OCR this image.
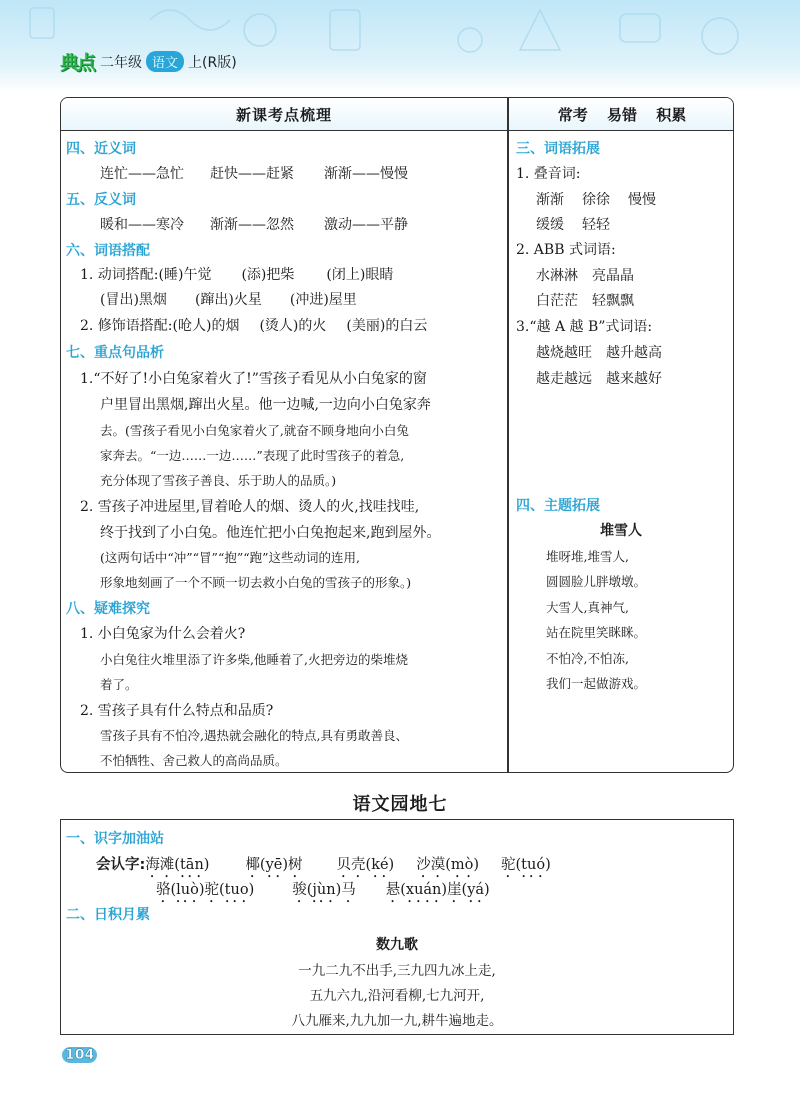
典点 二年级 语文 上(R版)
新课考点梳理	常考 易错 积累
四、近义词
连忙——急忙 赶快——赶紧 渐渐——慢慢
五、反义词
暖和——寒冷 渐渐——忽然 激动——平静
六、词语搭配
1. 动词搭配:(睡)午觉 (添)把柴 (闭上)眼睛
(冒出)黑烟 (蹿出)火星 (冲进)屋里
2. 修饰语搭配:(呛人)的烟 (烫人)的火 (美丽)的白云
七、重点句品析
1.“不好了!小白兔家着火了!”雪孩子看见从小白兔家的窗
户里冒出黑烟,蹿出火星。他一边喊,一边向小白兔家奔
去。(雪孩子看见小白兔家着火了,就奋不顾身地向小白兔
家奔去。“一边……一边……”表现了此时雪孩子的着急,
充分体现了雪孩子善良、乐于助人的品质。)
2. 雪孩子冲进屋里,冒着呛人的烟、烫人的火,找哇找哇,
终于找到了小白兔。他连忙把小白兔抱起来,跑到屋外。
(这两句话中“冲”“冒”“抱”“跑”这些动词的连用,
形象地刻画了一个不顾一切去救小白兔的雪孩子的形象。)
八、疑难探究
1. 小白兔家为什么会着火?
小白兔往火堆里添了许多柴,他睡着了,火把旁边的柴堆烧
着了。
2. 雪孩子具有什么特点和品质?
雪孩子具有不怕冷,遇热就会融化的特点,具有勇敢善良、
不怕牺牲、舍己救人的高尚品质。
三、词语拓展
1. 叠音词:
渐渐 徐徐 慢慢
缓缓 轻轻
2. ABB 式词语:
水淋淋 亮晶晶
白茫茫 轻飘飘
3.“越 A 越 B”式词语:
越烧越旺 越升越高
越走越远 越来越好
四、主题拓展
堆雪人
堆呀堆,堆雪人,
圆圆脸儿胖墩墩。
大雪人,真神气,
站在院里笑眯眯。
不怕冷,不怕冻,
我们一起做游戏。
语文园地七
一、识字加油站
会认字:海滩(tān) 椰(yē)树 贝壳(ké) 沙漠(mò) 驼(tuó)
骆(luò)驼(tuo)	骏(jùn)马 悬(xuán)崖(yá)
二、日积月累
数九歌
一九二九不出手,三九四九冰上走,
五九六九,沿河看柳,七九河开,
八九雁来,九九加一九,耕牛遍地走。
104
